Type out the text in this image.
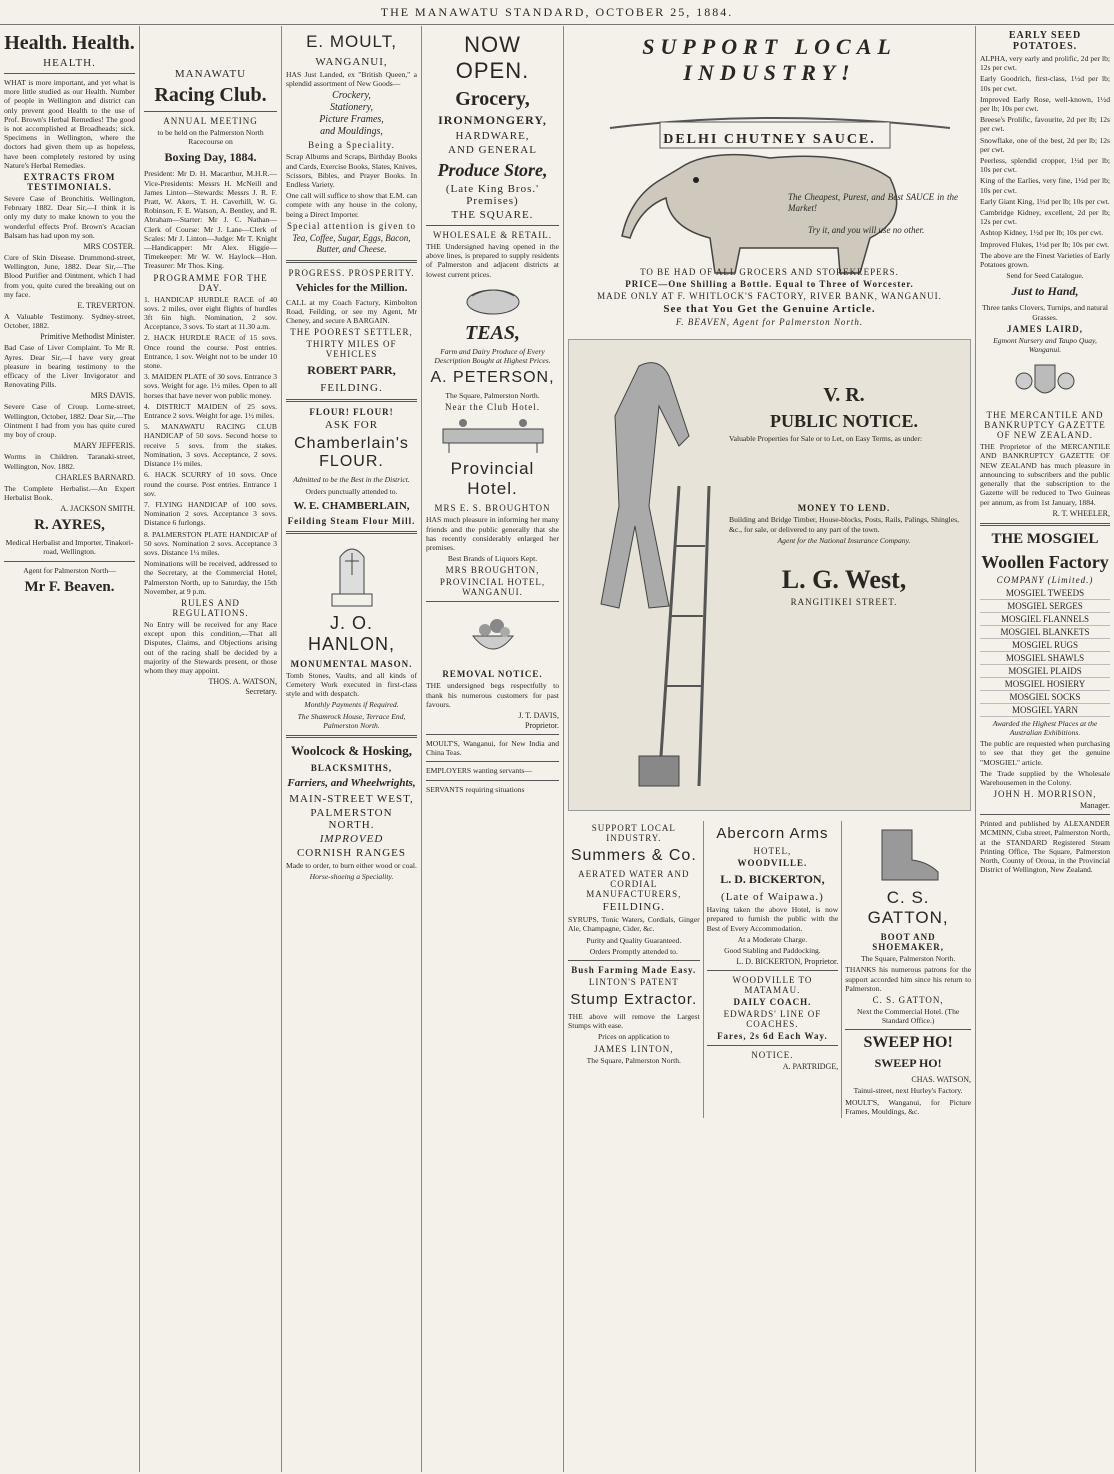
THE MANAWATU STANDARD, OCTOBER 25, 1884.
Health. Health.
HEALTH.

WHAT is more important, and yet what is more little studied as our Health. Number of people in Wellington and district can only prevent good Health to the use of Prof. Brown's Herbal Remedies! The good is not accomplished at Broadheads; sick. Specimens in Wellington, where the doctors had given them up as hopeless, have been completely restored by using Nature's Herbal Remedies.

EXTRACTS FROM TESTIMONIALS.

Severe Case of Bronchitis. Wellington, February 1882. Dear Sir,—I think it is only my duty to make known to you the wonderful effects Prof. Brown's Acacian Balsam has had upon my son.

MRS COSTER.

Cure of Skin Disease. Drummond-street, Wellington, June, 1882. Dear Sir,—The Blood Purifier and Ointment, which I had from you, quite cured the breaking out on my face.

E. TREVERTON.

A Valuable Testimony. Sydney-street, October, 1882.

Primitive Methodist Minister.

Bad Case of Liver Complaint. To Mr R. Ayres. Dear Sir,—I have very great pleasure in bearing testimony to the efficacy of the Liver Invigorator and Renovating Pills.

MRS DAVIS.

Severe Case of Croup. Lorne-street, Wellington, October, 1882. Dear Sir,—The Ointment I had from you has quite cured my boy of croup.

MARY JEFFERIS.

Worms in Children. Taranaki-street, Wellington, Nov. 1882.

CHARLES BARNARD.

The Complete Herbalist.—An Expert Herbalist Book.

A. JACKSON SMITH.
R. AYRES,

Medical Herbalist and Importer, Tinakori-road, Wellington.

Agent for Palmerston North—

Mr F. Beaven.
MANAWATU
Racing Club.
ANNUAL MEETING

to be held on the Palmerston North Racecourse on

Boxing Day, 1884.

President: Mr D. H. Macarthur, M.H.R.—Vice-Presidents: Messrs H. McNeill and James Linton—Stewards: Messrs J. R. F. Pratt, W. Akers, T. H. Caverhill, W. G. Robinson, F. E. Watson, A. Bentley, and R. Abraham—Starter: Mr J. C. Nathan—Clerk of Course: Mr J. Lane—Clerk of Scales: Mr J. Linton—Judge: Mr T. Knight—Handicapper: Mr Alex. Higgie—Timekeeper: Mr W. W. Haylock—Hon. Treasurer: Mr Thos. King.

PROGRAMME FOR THE DAY.

1. HANDICAP HURDLE RACE of 40 sovs. 2 miles, over eight flights of hurdles 3ft 6in high. Nomination, 2 sov. Acceptance, 3 sovs. To start at 11.30 a.m.

2. HACK HURDLE RACE of 15 sovs. Once round the course. Post entries. Entrance, 1 sov. Weight not to be under 10 stone.

3. MAIDEN PLATE of 30 sovs. Entrance 3 sovs. Weight for age. 1½ miles. Open to all horses that have never won public money.

4. DISTRICT MAIDEN of 25 sovs. Entrance 2 sovs. Weight for age. 1½ miles.

5. MANAWATU RACING CLUB HANDICAP of 50 sovs. Second horse to receive 5 sovs. from the stakes. Nomination, 3 sovs. Acceptance, 2 sovs. Distance 1½ miles.

6. HACK SCURRY of 10 sovs. Once round the course. Post entries. Entrance 1 sov.

7. FLYING HANDICAP of 100 sovs. Nomination 2 sovs. Acceptance 3 sovs. Distance 6 furlongs.

8. PALMERSTON PLATE HANDICAP of 50 sovs. Nomination 2 sovs. Acceptance 3 sovs. Distance 1¼ miles.

Nominations will be received, addressed to the Secretary, at the Commercial Hotel, Palmerston North, up to Saturday, the 15th November, at 9 p.m.

RULES AND REGULATIONS.

No Entry will be received for any Race except upon this condition,—That all Disputes, Claims, and Objections arising out of the racing shall be decided by a majority of the Stewards present, or those whom they may appoint.

THOS. A. WATSON,
Secretary.
E. MOULT,
WANGANUI,

HAS Just Landed, ex "British Queen," a splendid assortment of New Goods—

Crockery,
Stationery,
Picture Frames,
and Mouldings,
Being a Speciality.

Scrap Albums and Scraps, Birthday Books and Cards, Exercise Books, Slates, Knives, Scissors, Bibles, and Prayer Books. In Endless Variety.

One call will suffice to show that E.M. can compete with any house in the colony, being a Direct Importer.

Special attention is given to

Tea, Coffee, Sugar, Eggs, Bacon, Butter, and Cheese.

PROGRESS. PROSPERITY.
Vehicles for the Million.

CALL at my Coach Factory, Kimbolton Road, Feilding, or see my Agent, Mr Cheney, and secure A BARGAIN.

THE POOREST SETTLER,
THIRTY MILES OF VEHICLES
ROBERT PARR,
FEILDING.
FLOUR! FLOUR!
ASK FOR
Chamberlain's FLOUR.

Admitted to be the Best in the District.

Orders punctually attended to.

W. E. CHAMBERLAIN,
Feilding Steam Flour Mill.
J. O. HANLON,
MONUMENTAL MASON.

Tomb Stones, Vaults, and all kinds of Cemetery Work executed in first-class style and with despatch.

Monthly Payments if Required.

The Shamrock House, Terrace End, Palmerston North.

Woolcock & Hosking,
BLACKSMITHS,
Farriers, and Wheelwrights,
MAIN-STREET WEST,
PALMERSTON NORTH.
IMPROVED
CORNISH RANGES

Made to order, to burn either wood or coal.

Horse-shoeing a Speciality.

NOW OPEN.
Grocery,
IRONMONGERY,
HARDWARE,
AND GENERAL
Produce Store,
(Late King Bros.' Premises)
THE SQUARE.
WHOLESALE & RETAIL.

THE Undersigned having opened in the above lines, is prepared to supply residents of Palmerston and adjacent districts at lowest current prices.

TEAS,

Farm and Dairy Produce of Every Description Bought at Highest Prices.

A. PETERSON,

The Square, Palmerston North.

Near the Club Hotel.
Provincial Hotel.
MRS E. S. BROUGHTON

HAS much pleasure in informing her many friends and the public generally that she has recently considerably enlarged her premises.

Best Brands of Liquors Kept.

MRS BROUGHTON,
PROVINCIAL HOTEL, WANGANUI.
REMOVAL NOTICE.

THE undersigned begs respectfully to thank his numerous customers for past favours.

J. T. DAVIS,
Proprietor.

MOULT'S, Wanganui, for New India and China Teas.

EMPLOYERS wanting servants—

SERVANTS requiring situations

SUPPORT LOCAL INDUSTRY!
DELHI CHUTNEY SAUCE.

The Cheapest, Purest, and Best SAUCE in the Market!

Try it, and you will use no other.

TO BE HAD OF ALL GROCERS AND STOREKEEPERS.
PRICE—One Shilling a Bottle. Equal to Three of Worcester.
MADE ONLY AT F. WHITLOCK'S FACTORY, RIVER BANK, WANGANUI.
See that You Get the Genuine Article.
F. BEAVEN, Agent for Palmerston North.
V. R.
PUBLIC NOTICE.

Valuable Properties for Sale or to Let, on Easy Terms, as under:

MONEY TO LEND.

Building and Bridge Timber, House-blocks, Posts, Rails, Palings, Shingles, &c., for sale, or delivered to any part of the town.

Agent for the National Insurance Company.

L. G. West,
RANGITIKEI STREET.
SUPPORT LOCAL INDUSTRY.
Summers & Co.
AERATED WATER AND CORDIAL MANUFACTURERS,
FEILDING.

SYRUPS, Tonic Waters, Cordials, Ginger Ale, Champagne, Cider, &c.

Purity and Quality Guaranteed.

Orders Promptly attended to.

Bush Farming Made Easy.
LINTON'S PATENT
Stump Extractor.

THE above will remove the Largest Stumps with ease.

Prices on application to

JAMES LINTON,

The Square, Palmerston North.

Abercorn Arms
HOTEL,
WOODVILLE.
L. D. BICKERTON,
(Late of Waipawa.)

Having taken the above Hotel, is now prepared to furnish the public with the Best of Every Accommodation.

At a Moderate Charge.

Good Stabling and Paddocking.

L. D. BICKERTON, Proprietor.
WOODVILLE TO MATAMAU.
DAILY COACH.
EDWARDS' LINE OF COACHES.
Fares, 2s 6d Each Way.
NOTICE.
A. PARTRIDGE,
C. S. GATTON,
BOOT AND SHOEMAKER,

The Square, Palmerston North.

THANKS his numerous patrons for the support accorded him since his return to Palmerston.

C. S. GATTON,

Next the Commercial Hotel. (The Standard Office.)

SWEEP HO!
SWEEP HO!
CHAS. WATSON,

Tainui-street, next Hurley's Factory.

MOULT'S, Wanganui, for Picture Frames, Mouldings, &c.

EARLY SEED POTATOES.

ALPHA, very early and prolific, 2d per lb; 12s per cwt.

Early Goodrich, first-class, 1½d per lb; 10s per cwt.

Improved Early Rose, well-known, 1½d per lb; 10s per cwt.

Breese's Prolific, favourite, 2d per lb; 12s per cwt.

Snowflake, one of the best, 2d per lb; 12s per cwt.

Peerless, splendid cropper, 1½d per lb; 10s per cwt.

King of the Earlies, very fine, 1½d per lb; 10s per cwt.

Early Giant King, 1½d per lb; 10s per cwt.

Cambridge Kidney, excellent, 2d per lb; 12s per cwt.

Ashtop Kidney, 1½d per lb; 10s per cwt.

Improved Flukes, 1½d per lb; 10s per cwt.

The above are the Finest Varieties of Early Potatoes grown.

Send for Seed Catalogue.

Just to Hand,

Three tanks Clovers, Turnips, and natural Grasses.

JAMES LAIRD,

Egmont Nursery and Taupo Quay, Wanganui.

THE MERCANTILE AND BANKRUPTCY GAZETTE OF NEW ZEALAND.

THE Proprietor of the MERCANTILE AND BANKRUPTCY GAZETTE OF NEW ZEALAND has much pleasure in announcing to subscribers and the public generally that the subscription to the Gazette will be reduced to Two Guineas per annum, as from 1st January, 1884.

R. T. WHEELER,
THE MOSGIEL
Woollen Factory
COMPANY (Limited.)
MOSGIEL TWEEDS
MOSGIEL SERGES
MOSGIEL FLANNELS
MOSGIEL BLANKETS
MOSGIEL RUGS
MOSGIEL SHAWLS
MOSGIEL PLAIDS
MOSGIEL HOSIERY
MOSGIEL SOCKS
MOSGIEL YARN

Awarded the Highest Places at the Australian Exhibitions.

The public are requested when purchasing to see that they get the genuine "MOSGIEL" article.

The Trade supplied by the Wholesale Warehousemen in the Colony.

JOHN H. MORRISON,
Manager.

Printed and published by ALEXANDER MCMINN, Cuba street, Palmerston North, at the STANDARD Registered Steam Printing Office, The Square, Palmerston North, County of Oroua, in the Provincial District of Wellington, New Zealand.
